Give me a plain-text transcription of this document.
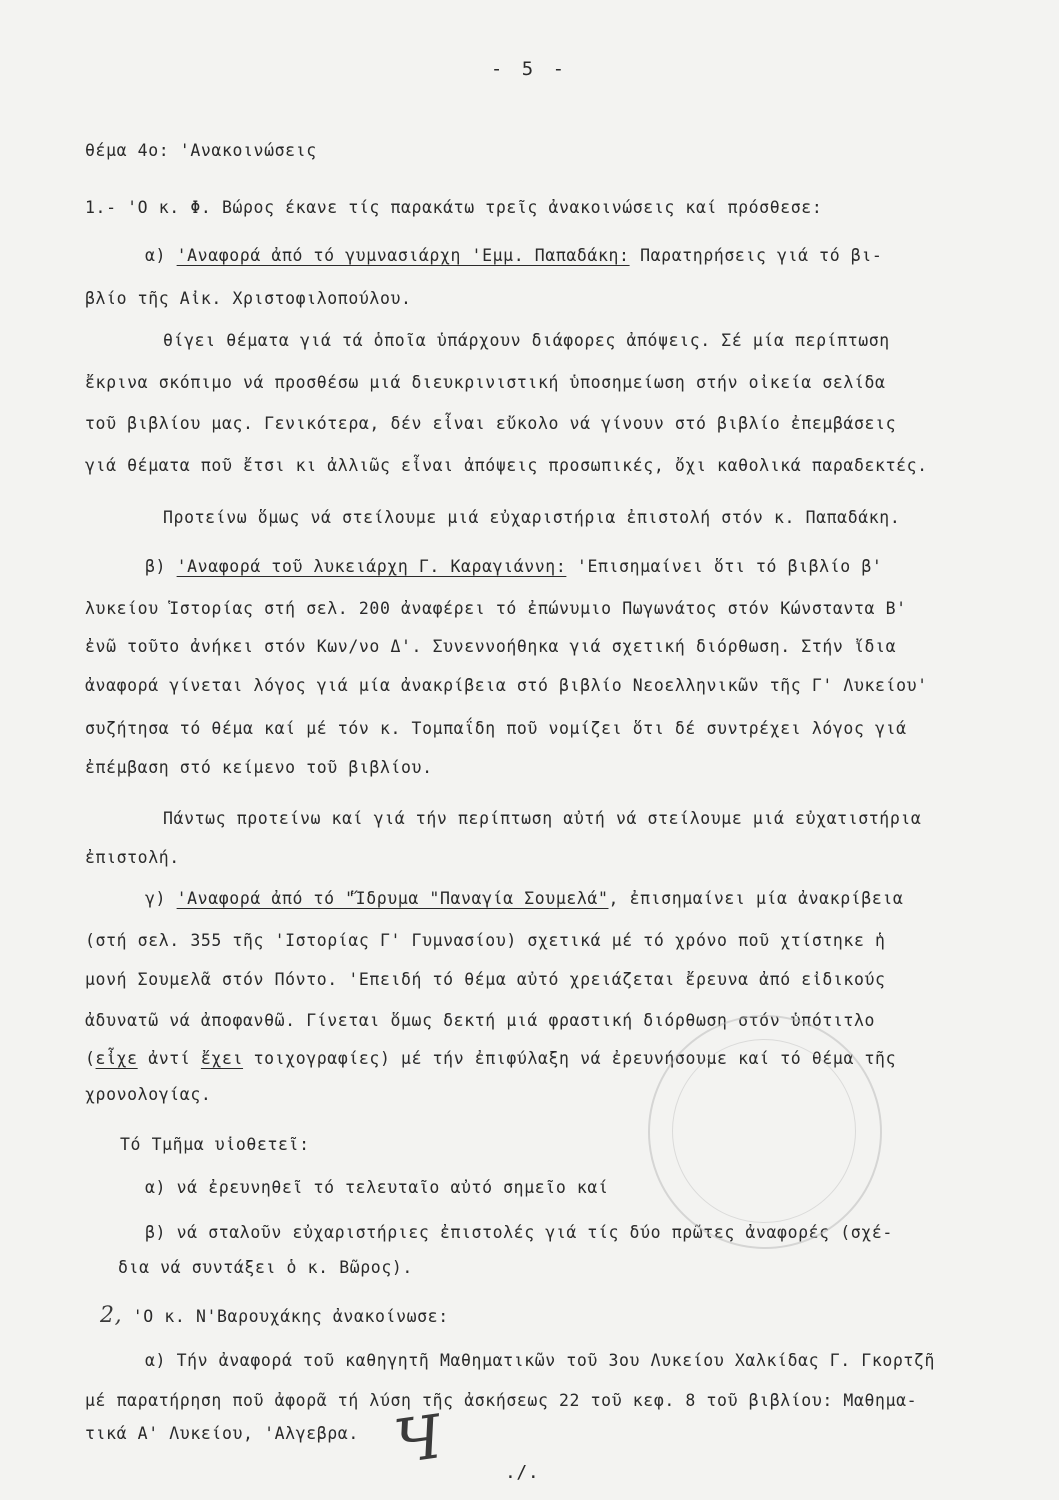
- 5 -
θέμα 4ο: 'Ανακοινώσεις
1.- 'Ο κ. Φ. Βώρος έκανε τίς παρακάτω τρεῖς ἀνακοινώσεις καί πρόσθεσε:
α) 'Αναφορά ἀπό τό γυμνασιάρχη 'Εμμ. Παπαδάκη: Παρατηρήσεις γιά τό βι-
βλίο τῆς Αἰκ. Χριστοφιλοπούλου.
θίγει θέματα γιά τά ὁποῖα ὑπάρχουν διάφορες ἀπόψεις. Σέ μία περίπτωση
ἔκρινα σκόπιμο νά προσθέσω μιά διευκρινιστική ὑποσημείωση στήν οἰκεία σελίδα
τοῦ βιβλίου μας. Γενικότερα, δέν εἶναι εὔκολο νά γίνουν στό βιβλίο ἐπεμβάσεις
γιά θέματα ποῦ ἔτσι κι ἀλλιῶς εἶναι ἀπόψεις προσωπικές, ὄχι καθολικά παραδεκτές.
Προτείνω ὅμως νά στείλουμε μιά εὐχαριστήρια ἐπιστολή στόν κ. Παπαδάκη.
β) 'Αναφορά τοῦ λυκειάρχη Γ. Καραγιάννη: 'Επισημαίνει ὅτι τό βιβλίο β'
λυκείου Ἱστορίας στή σελ. 200 ἀναφέρει τό ἐπώνυμιο Πωγωνάτος στόν Κώνσταντα Β'
ἐνῶ τοῦτο ἀνήκει στόν Κων/νο Δ'. Συνεννοήθηκα γιά σχετική διόρθωση. Στήν ἴδια
ἀναφορά γίνεται λόγος γιά μία ἀνακρίβεια στό βιβλίο Νεοελληνικῶν τῆς Γ' Λυκείου'
συζήτησα τό θέμα καί μέ τόν κ. Τομπαΐδη ποῦ νομίζει ὅτι δέ συντρέχει λόγος γιά
ἐπέμβαση στό κείμενο τοῦ βιβλίου.
Πάντως προτείνω καί γιά τήν περίπτωση αὐτή νά στείλουμε μιά εὐχατιστήρια
ἐπιστολή.
γ) 'Αναφορά ἀπό τό "Ἵδρυμα "Παναγία Σουμελά", ἐπισημαίνει μία ἀνακρίβεια
(στή σελ. 355 τῆς 'Ιστορίας Γ' Γυμνασίου) σχετικά μέ τό χρόνο ποῦ χτίστηκε ἡ
μονή Σουμελᾶ στόν Πόντο. 'Επειδή τό θέμα αὐτό χρειάζεται ἔρευνα ἀπό εἰδικούς
ἀδυνατῶ νά ἀποφανθῶ. Γίνεται ὅμως δεκτή μιά φραστική διόρθωση στόν ὑπότιτλο
(εἶχε ἀντί ἔχει τοιχογραφίες) μέ τήν ἐπιφύλαξη νά ἐρευνήσουμε καί τό θέμα τῆς
χρονολογίας.
Τό Τμῆμα υἱοθετεῖ:
α) νά ἐρευνηθεῖ τό τελευταῖο αὐτό σημεῖο καί
β) νά σταλοῦν εὐχαριστήριες ἐπιστολές γιά τίς δύο πρῶτες ἀναφορές (σχέ-
δια νά συντάξει ὁ κ. Βῶρος).
2, 'Ο κ. Ν'Βαρουχάκης ἀνακοίνωσε:
α) Τήν ἀναφορά τοῦ καθηγητῆ Μαθηματικῶν τοῦ 3ου Λυκείου Χαλκίδας Γ. Γκορτζῆ
μέ παρατήρηση ποῦ ἀφορᾶ τή λύση τῆς ἀσκήσεως 22 τοῦ κεφ. 8 τοῦ βιβλίου: Μαθημα-
τικά Α' Λυκείου, 'Αλγεβρα. Ч	./.
